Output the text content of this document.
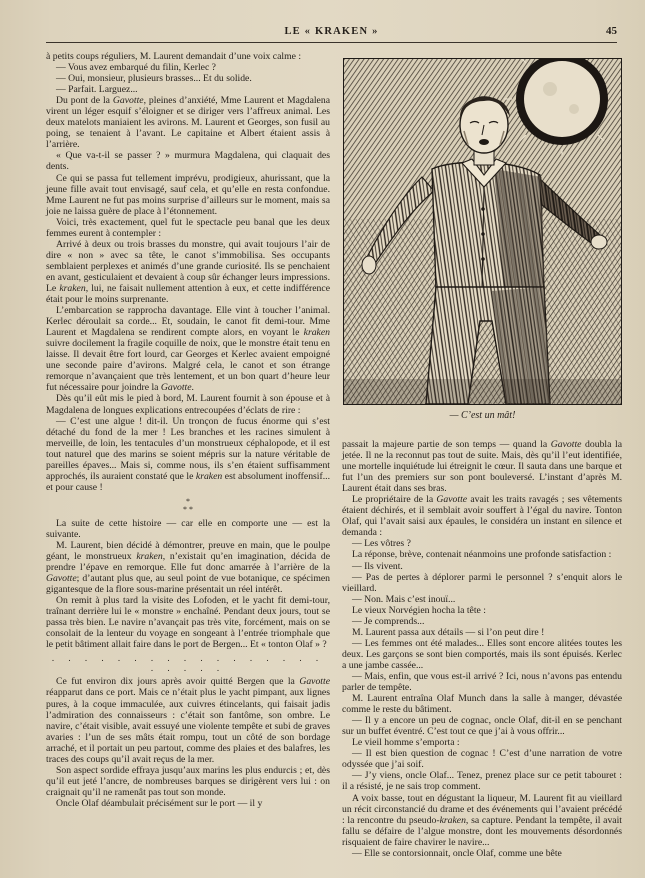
LE « KRAKEN »	45

à petits coups réguliers, M. Laurent demandait d’une voix calme :

— Vous avez embarqué du filin, Kerlec ?

— Oui, monsieur, plusieurs brasses... Et du solide.

— Parfait. Larguez...

Du pont de la Gavotte, pleines d’anxiété, Mme Laurent et Magdalena virent un léger esquif s’éloigner et se diriger vers l’affreux animal. Les deux matelots maniaient les avirons. M. Laurent et Georges, son fusil au poing, se tenaient à l’avant. Le capitaine et Albert étaient assis à l’arrière.

« Que va-t-il se passer ? » murmura Magdalena, qui claquait des dents.

Ce qui se passa fut tellement imprévu, prodigieux, ahurissant, que la jeune fille avait tout envisagé, sauf cela, et qu’elle en resta confondue. Mme Laurent ne fut pas moins surprise d’ailleurs sur le moment, mais sa joie ne laissa guère de place à l’étonnement.

Voici, très exactement, quel fut le spectacle peu banal que les deux femmes eurent à contempler :

Arrivé à deux ou trois brasses du monstre, qui avait toujours l’air de dire « non » avec sa tête, le canot s’immobilisa. Ses occupants semblaient perplexes et animés d’une grande curiosité. Ils se penchaient en avant, gesticulaient et devaient à coup sûr échanger leurs impressions. Le kraken, lui, ne faisait nullement attention à eux, et cette indifférence était pour le moins surprenante.

L’embarcation se rapprocha davantage. Elle vint à toucher l’animal. Kerlec déroulait sa corde... Et, soudain, le canot fit demi-tour. Mme Laurent et Magdalena se rendirent compte alors, en voyant le kraken suivre docilement la fragile coquille de noix, que le monstre était tenu en laisse. Il devait être fort lourd, car Georges et Kerlec avaient empoigné une seconde paire d’avirons. Malgré cela, le canot et son étrange remorque n’avançaient que très lentement, et un bon quart d’heure leur fut nécessaire pour joindre la Gavotte.

Dès qu’il eût mis le pied à bord, M. Laurent fournit à son épouse et à Magdalena de longues explications entrecoupées d’éclats de rire :

— C’est une algue ! dit-il. Un tronçon de fucus énorme qui s’est détaché du fond de la mer ! Les branches et les racines simulent à merveille, de loin, les tentacules d’un monstrueux céphalopode, et il est tout naturel que des marins se soient mépris sur la nature véritable de pareilles épaves... Mais si, comme nous, ils s’en étaient suffisamment approchés, ils auraient constaté que le kraken est absolument inoffensif... et pour cause !

*
* *

La suite de cette histoire — car elle en comporte une — est la suivante.

M. Laurent, bien décidé à démontrer, preuve en main, que le poulpe géant, le monstrueux kraken, n’existait qu’en imagination, décida de prendre l’épave en remorque. Elle fut donc amarrée à l’arrière de la Gavotte; d’autant plus que, au seul point de vue botanique, ce spécimen gigantesque de la flore sous-marine présentait un réel intérêt.

On remit à plus tard la visite des Lofoden, et le yacht fit demi-tour, traînant derrière lui le « monstre » enchaîné. Pendant deux jours, tout se passa très bien. Le navire n’avançait pas très vite, forcément, mais on se consolait de la lenteur du voyage en songeant à l’entrée triomphale que le petit bâtiment allait faire dans le port de Bergen... Et « tonton Olaf » ?

. . . . . . . . . . . . . . . . . . . . . .

Ce fut environ dix jours après avoir quitté Bergen que la Gavotte réapparut dans ce port. Mais ce n’était plus le yacht pimpant, aux lignes pures, à la coque immaculée, aux cuivres étincelants, qui faisait jadis l’admiration des connaisseurs : c’était son fantôme, son ombre. Le navire, c’était visible, avait essuyé une violente tempête et subi de graves avaries : l’un de ses mâts était rompu, tout un côté de son bordage arraché, et il portait un peu partout, comme des plaies et des balafres, les traces des coups qu’il avait reçus de la mer.

Son aspect sordide effraya jusqu’aux marins les plus endurcis ; et, dès qu’il eut jeté l’ancre, de nombreuses barques se dirigèrent vers lui : on craignait qu’il ne ramenât pas tout son monde.

Oncle Olaf déambulait précisément sur le port — il y

— C’est un mât!

passait la majeure partie de son temps — quand la Gavotte doubla la jetée. Il ne la reconnut pas tout de suite. Mais, dès qu’il l’eut identifiée, une mortelle inquiétude lui étreignit le cœur. Il sauta dans une barque et fut l’un des premiers sur son pont bouleversé. L’instant d’après M. Laurent était dans ses bras.

Le propriétaire de la Gavotte avait les traits ravagés ; ses vêtements étaient déchirés, et il semblait avoir souffert à l’égal du navire. Tonton Olaf, qui l’avait saisi aux épaules, le considéra un instant en silence et demanda :

— Les vôtres ?

La réponse, brève, contenait néanmoins une profonde satisfaction :

— Ils vivent.

— Pas de pertes à déplorer parmi le personnel ? s’enquit alors le vieillard.

— Non. Mais c’est inouï...

Le vieux Norvégien hocha la tête :

— Je comprends...

M. Laurent passa aux détails — si l’on peut dire !

— Les femmes ont été malades... Elles sont encore alitées toutes les deux. Les garçons se sont bien comportés, mais ils sont épuisés. Kerlec a une jambe cassée...

— Mais, enfin, que vous est-il arrivé ? Ici, nous n’avons pas entendu parler de tempête.

M. Laurent entraîna Olaf Munch dans la salle à manger, dévastée comme le reste du bâtiment.

— Il y a encore un peu de cognac, oncle Olaf, dit-il en se penchant sur un buffet éventré. C’est tout ce que j’ai à vous offrir...

Le vieil homme s’emporta :

— Il est bien question de cognac ! C’est d’une narration de votre odyssée que j’ai soif.

— J’y viens, oncle Olaf... Tenez, prenez place sur ce petit tabouret : il a résisté, je ne sais trop comment.

A voix basse, tout en dégustant la liqueur, M. Laurent fit au vieillard un récit circonstancié du drame et des événements qui l’avaient précédé : la rencontre du pseudo-kraken, sa capture. Pendant la tempête, il avait fallu se défaire de l’algue monstre, dont les mouvements désordonnés risquaient de faire chavirer le navire...

— Elle se contorsionnait, oncle Olaf, comme une bête
